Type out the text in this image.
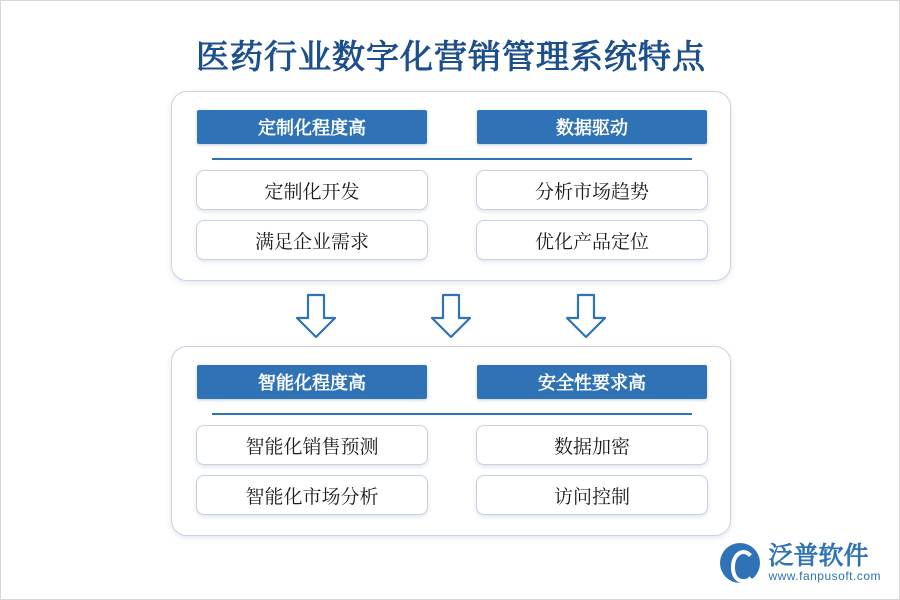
医药行业数字化营销管理系统特点
定制化程度高	数据驱动
定制化开发	分析市场趋势
满足企业需求	优化产品定位
智能化程度高	安全性要求高
智能化销售预测	数据加密
智能化市场分析	访问控制
泛普软件
www.fanpusoft.com
